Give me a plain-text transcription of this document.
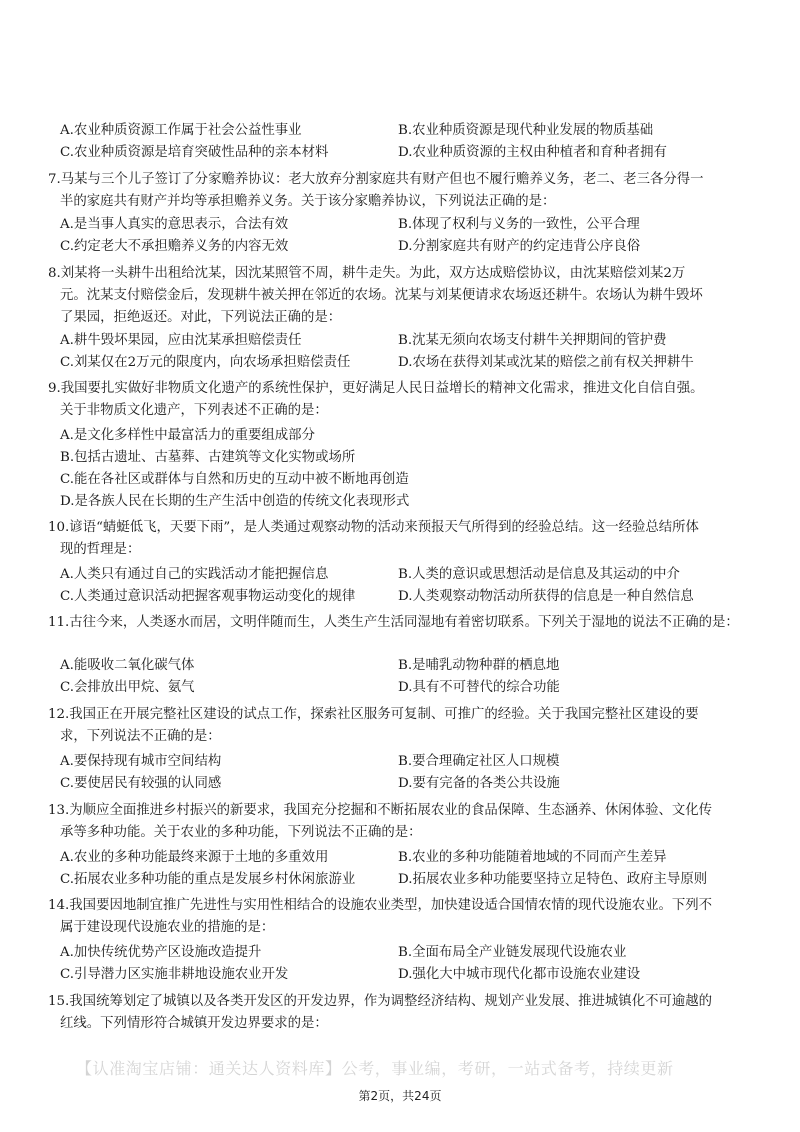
A.农业种质资源工作属于社会公益性事业	B.农业种质资源是现代种业发展的物质基础
C.农业种质资源是培育突破性品种的亲本材料	D.农业种质资源的主权由种植者和育种者拥有
7.马某与三个儿子签订了分家赡养协议：老大放弃分割家庭共有财产但也不履行赡养义务，老二、老三各分得一
半的家庭共有财产并均等承担赡养义务。关于该分家赡养协议，下列说法正确的是：
A.是当事人真实的意思表示，合法有效	B.体现了权利与义务的一致性，公平合理
C.约定老大不承担赡养义务的内容无效	D.分割家庭共有财产的约定违背公序良俗
8.刘某将一头耕牛出租给沈某，因沈某照管不周，耕牛走失。为此，双方达成赔偿协议，由沈某赔偿刘某2万
元。沈某支付赔偿金后，发现耕牛被关押在邻近的农场。沈某与刘某便请求农场返还耕牛。农场认为耕牛毁坏
了果园，拒绝返还。对此，下列说法正确的是：
A.耕牛毁坏果园，应由沈某承担赔偿责任	B.沈某无须向农场支付耕牛关押期间的管护费
C.刘某仅在2万元的限度内，向农场承担赔偿责任	D.农场在获得刘某或沈某的赔偿之前有权关押耕牛
9.我国要扎实做好非物质文化遗产的系统性保护，更好满足人民日益增长的精神文化需求，推进文化自信自强。
关于非物质文化遗产，下列表述不正确的是：
A.是文化多样性中最富活力的重要组成部分
B.包括古遗址、古墓葬、古建筑等文化实物或场所
C.能在各社区或群体与自然和历史的互动中被不断地再创造
D.是各族人民在长期的生产生活中创造的传统文化表现形式
10.谚语“蜻蜓低飞，天要下雨”，是人类通过观察动物的活动来预报天气所得到的经验总结。这一经验总结所体
现的哲理是：
A.人类只有通过自己的实践活动才能把握信息	B.人类的意识或思想活动是信息及其运动的中介
C.人类通过意识活动把握客观事物运动变化的规律	D.人类观察动物活动所获得的信息是一种自然信息
11.古往今来，人类逐水而居，文明伴随而生，人类生产生活同湿地有着密切联系。下列关于湿地的说法不正确的是：
A.能吸收二氧化碳气体	B.是哺乳动物种群的栖息地
C.会排放出甲烷、氨气	D.具有不可替代的综合功能
12.我国正在开展完整社区建设的试点工作，探索社区服务可复制、可推广的经验。关于我国完整社区建设的要
求，下列说法不正确的是：
A.要保持现有城市空间结构	B.要合理确定社区人口规模
C.要使居民有较强的认同感	D.要有完备的各类公共设施
13.为顺应全面推进乡村振兴的新要求，我国充分挖掘和不断拓展农业的食品保障、生态涵养、休闲体验、文化传
承等多种功能。关于农业的多种功能，下列说法不正确的是：
A.农业的多种功能最终来源于土地的多重效用	B.农业的多种功能随着地域的不同而产生差异
C.拓展农业多种功能的重点是发展乡村休闲旅游业	D.拓展农业多种功能要坚持立足特色、政府主导原则
14.我国要因地制宜推广先进性与实用性相结合的设施农业类型，加快建设适合国情农情的现代设施农业。下列不
属于建设现代设施农业的措施的是：
A.加快传统优势产区设施改造提升	B.全面布局全产业链发展现代设施农业
C.引导潜力区实施非耕地设施农业开发	D.强化大中城市现代化都市设施农业建设
15.我国统筹划定了城镇以及各类开发区的开发边界，作为调整经济结构、规划产业发展、推进城镇化不可逾越的
红线。下列情形符合城镇开发边界要求的是：
【认准淘宝店铺：通关达人资料库】公考，事业编，考研，一站式备考，持续更新
第2页，共24页
